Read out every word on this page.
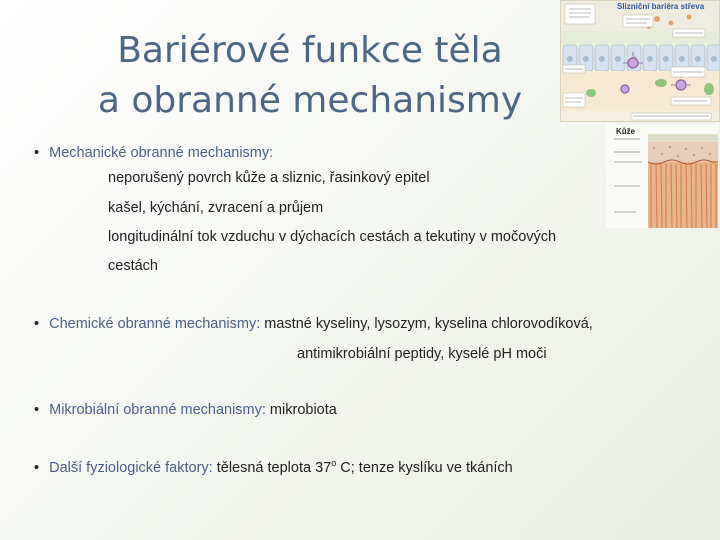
Bariérové funkce těla
a obranné mechanismy
Slizniční bariéra střeva
Kůže
• Mechanické obranné mechanismy:
neporušený povrch kůže a sliznic, řasinkový epitel
kašel, kýchání, zvracení a průjem
longitudinální tok vzduchu v dýchacích cestách a tekutiny v močových
cestách
• Chemické obranné mechanismy: mastné kyseliny, lysozym, kyselina chlorovodíková,
antimikrobiální peptidy, kyselé pH moči
• Mikrobiální obranné mechanismy: mikrobiota
• Další fyziologické faktory: tělesná teplota 37$^o$ C; tenze kyslíku ve tkáních
